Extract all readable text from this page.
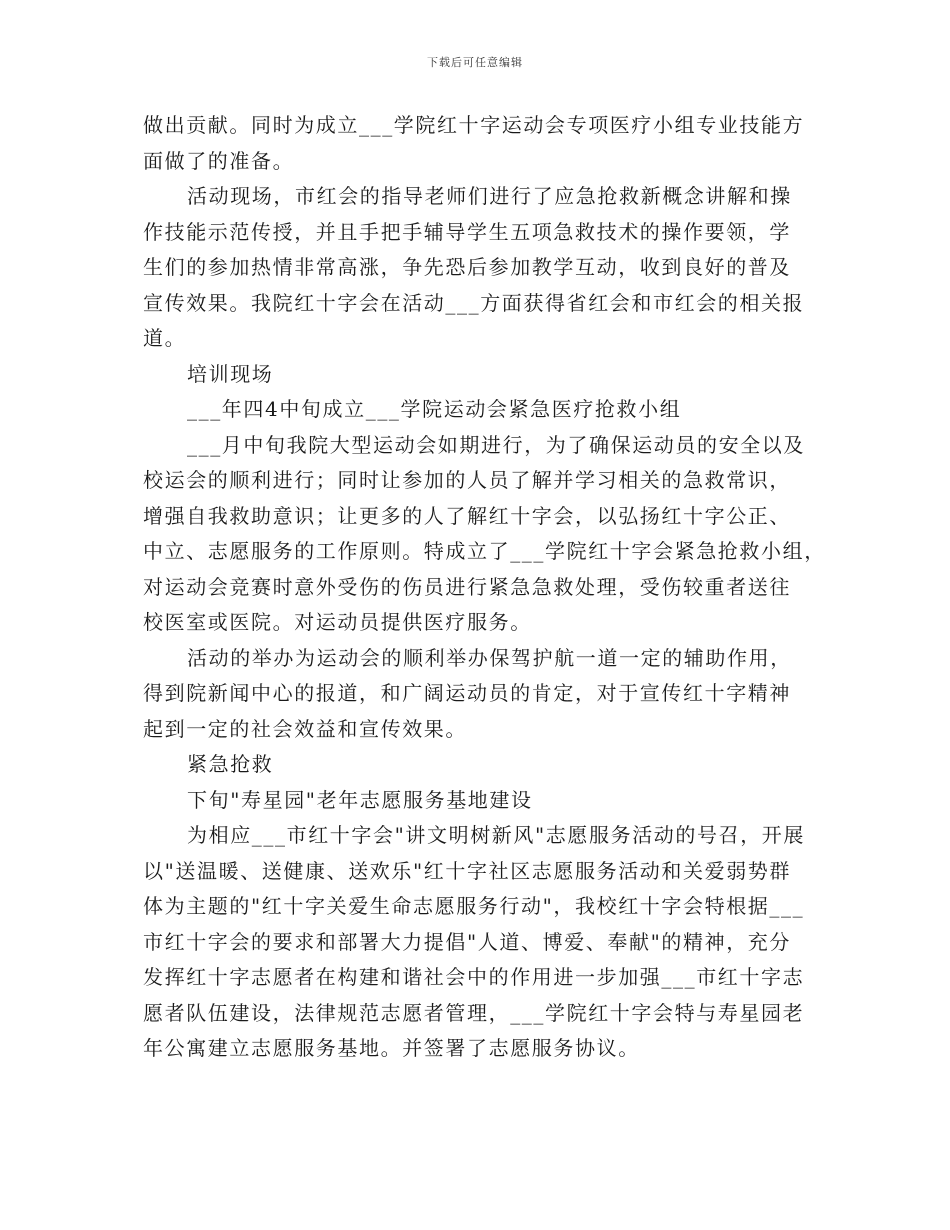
下载后可任意编辑
做出贡献。同时为成立___学院红十字运动会专项医疗小组专业技能方
面做了的准备。
活动现场，市红会的指导老师们进行了应急抢救新概念讲解和操
作技能示范传授，并且手把手辅导学生五项急救技术的操作要领，学
生们的参加热情非常高涨，争先恐后参加教学互动，收到良好的普及
宣传效果。我院红十字会在活动___方面获得省红会和市红会的相关报
道。
培训现场
___年四4中旬成立___学院运动会紧急医疗抢救小组
___月中旬我院大型运动会如期进行，为了确保运动员的安全以及
校运会的顺利进行；同时让参加的人员了解并学习相关的急救常识，
增强自我救助意识；让更多的人了解红十字会，以弘扬红十字公正、
中立、志愿服务的工作原则。特成立了___学院红十字会紧急抢救小组，
对运动会竞赛时意外受伤的伤员进行紧急急救处理，受伤较重者送往
校医室或医院。对运动员提供医疗服务。
活动的举办为运动会的顺利举办保驾护航一道一定的辅助作用，
得到院新闻中心的报道，和广阔运动员的肯定，对于宣传红十字精神
起到一定的社会效益和宣传效果。
紧急抢救
下旬"寿星园"老年志愿服务基地建设
为相应___市红十字会"讲文明树新风"志愿服务活动的号召，开展
以"送温暖、送健康、送欢乐"红十字社区志愿服务活动和关爱弱势群
体为主题的"红十字关爱生命志愿服务行动"，我校红十字会特根据___
市红十字会的要求和部署大力提倡"人道、博爱、奉献"的精神，充分
发挥红十字志愿者在构建和谐社会中的作用进一步加强___市红十字志
愿者队伍建设，法律规范志愿者管理，___学院红十字会特与寿星园老
年公寓建立志愿服务基地。并签署了志愿服务协议。
